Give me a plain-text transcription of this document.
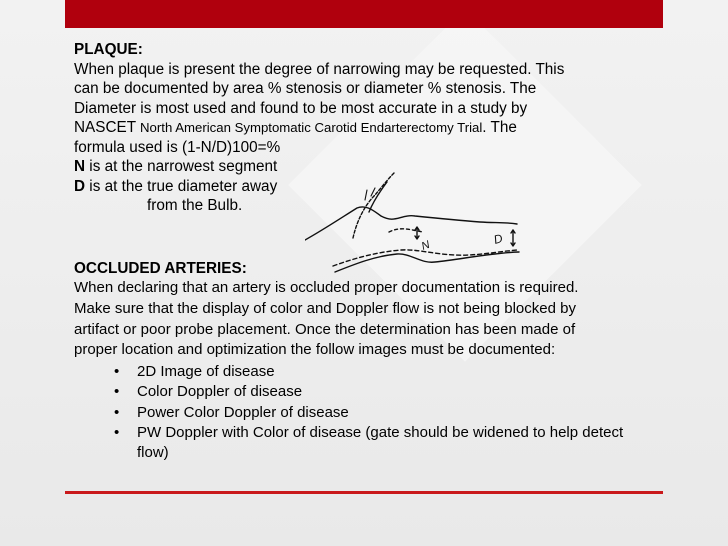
PLAQUE:
When plaque is present the degree of narrowing may be requested. This
can be documented by area % stenosis or diameter % stenosis. The
Diameter is most used and found to be most accurate in a study by
NASCET North American Symptomatic Carotid Endarterectomy Trial. The
formula used is (1-N/D)100=%
N is at the narrowest segment
D is at the true diameter away
from the Bulb.
OCCLUDED ARTERIES:
When declaring that an artery is occluded proper documentation is required.
Make sure that the display of color and Doppler flow is not being blocked by
artifact or poor probe placement. Once the determination has been made of
proper location and optimization the follow images must be documented:
•	2D Image of disease
•	Color Doppler of disease
•	Power Color Doppler of disease
•	PW Doppler with Color of disease (gate should be widened to help detect flow)
N	D
